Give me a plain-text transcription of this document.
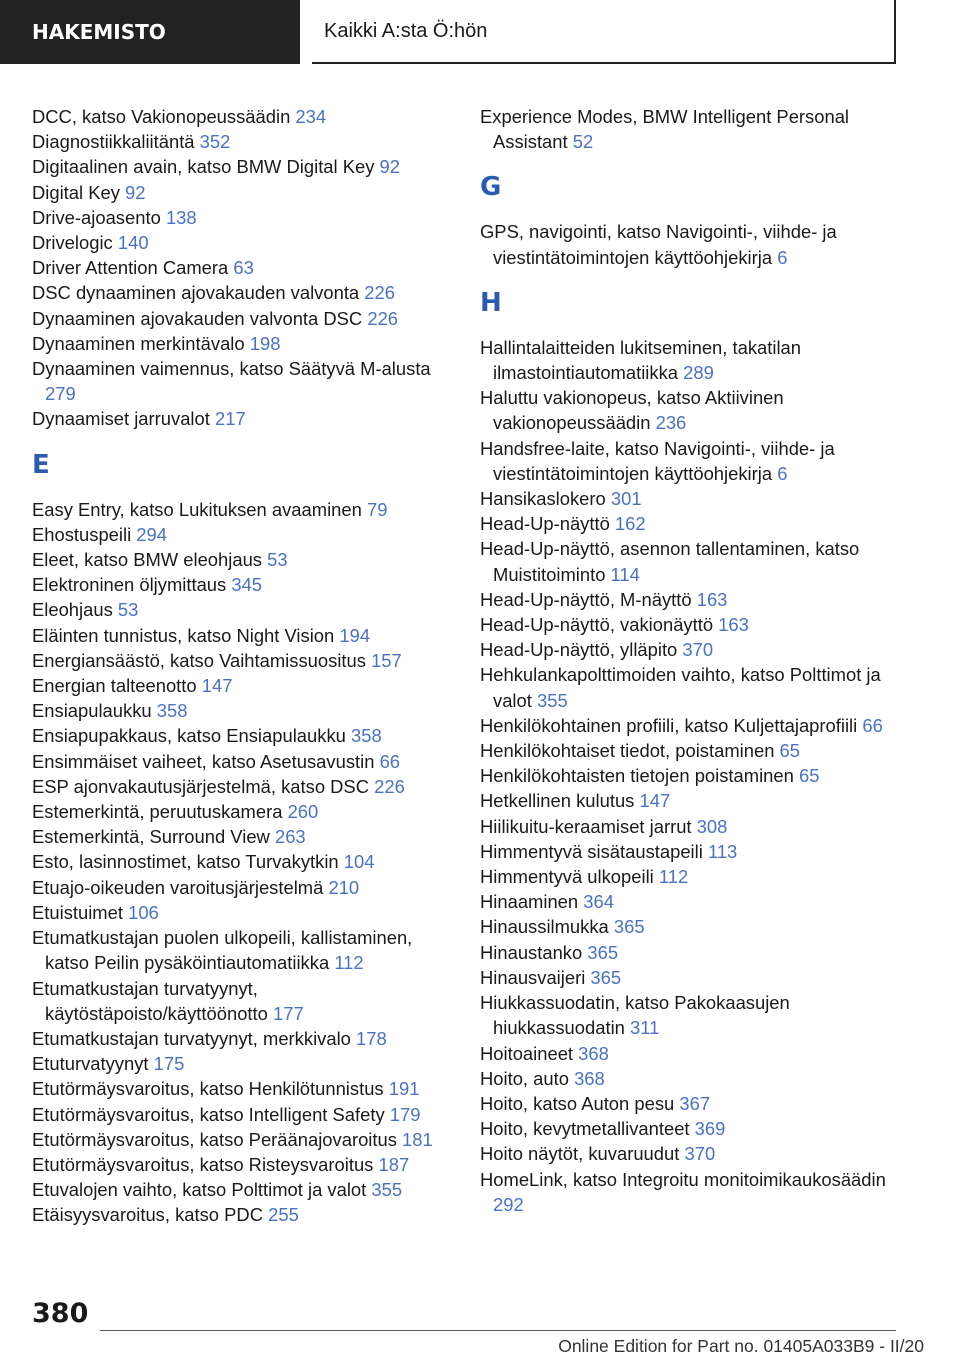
HAKEMISTO	Kaikki A:sta Ö:hön

DCC, katso Vakionopeussäädin 234

Diagnostiikkaliitäntä 352

Digitaalinen avain, katso BMW Digital Key 92

Digital Key 92

Drive-ajoasento 138

Drivelogic 140

Driver Attention Camera 63

DSC dynaaminen ajovakauden valvonta 226

Dynaaminen ajovakauden valvonta DSC 226

Dynaaminen merkintävalo 198

Dynaaminen vaimennus, katso Säätyvä M-alusta 279

Dynaamiset jarruvalot 217

E

Easy Entry, katso Lukituksen avaaminen 79

Ehostuspeili 294

Eleet, katso BMW eleohjaus 53

Elektroninen öljymittaus 345

Eleohjaus 53

Eläinten tunnistus, katso Night Vision 194

Energiansäästö, katso Vaihtamissuositus 157

Energian talteenotto 147

Ensiapulaukku 358

Ensiapupakkaus, katso Ensiapulaukku 358

Ensimmäiset vaiheet, katso Asetusavustin 66

ESP ajonvakautusjärjestelmä, katso DSC 226

Estemerkintä, peruutuskamera 260

Estemerkintä, Surround View 263

Esto, lasinnostimet, katso Turvakytkin 104

Etuajo-oikeuden varoitusjärjestelmä 210

Etuistuimet 106

Etumatkustajan puolen ulkopeili, kallistaminen, katso Peilin pysäköintiautomatiikka 112

Etumatkustajan turvatyynyt, käytöstäpoisto/käyttöönotto 177

Etumatkustajan turvatyynyt, merkkivalo 178

Etuturvatyynyt 175

Etutörmäysvaroitus, katso Henkilötunnistus 191

Etutörmäysvaroitus, katso Intelligent Safety 179

Etutörmäysvaroitus, katso Peräänajovaroitus 181

Etutörmäysvaroitus, katso Risteysvaroitus 187

Etuvalojen vaihto, katso Polttimot ja valot 355

Etäisyysvaroitus, katso PDC 255

Experience Modes, BMW Intelligent Personal Assistant 52

G

GPS, navigointi, katso Navigointi-, viihde- ja viestintätoimintojen käyttöohjekirja 6

H

Hallintalaitteiden lukitseminen, takatilan ilmastointiautomatiikka 289

Haluttu vakionopeus, katso Aktiivinen vakionopeussäädin 236

Handsfree-laite, katso Navigointi-, viihde- ja viestintätoimintojen käyttöohjekirja 6

Hansikaslokero 301

Head-Up-näyttö 162

Head-Up-näyttö, asennon tallentaminen, katso Muistitoiminto 114

Head-Up-näyttö, M-näyttö 163

Head-Up-näyttö, vakionäyttö 163

Head-Up-näyttö, ylläpito 370

Hehkulankapolttimoiden vaihto, katso Polttimot ja valot 355

Henkilökohtainen profiili, katso Kuljettajaprofiili 66

Henkilökohtaiset tiedot, poistaminen 65

Henkilökohtaisten tietojen poistaminen 65

Hetkellinen kulutus 147

Hiilikuitu-keraamiset jarrut 308

Himmentyvä sisätaustapeili 113

Himmentyvä ulkopeili 112

Hinaaminen 364

Hinaussilmukka 365

Hinaustanko 365

Hinausvaijeri 365

Hiukkassuodatin, katso Pakokaasujen hiukkassuodatin 311

Hoitoaineet 368

Hoito, auto 368

Hoito, katso Auton pesu 367

Hoito, kevytmetallivanteet 369

Hoito näytöt, kuvaruudut 370

HomeLink, katso Integroitu monitoimikaukosäädin 292

380
Online Edition for Part no. 01405A033B9 - II/20
